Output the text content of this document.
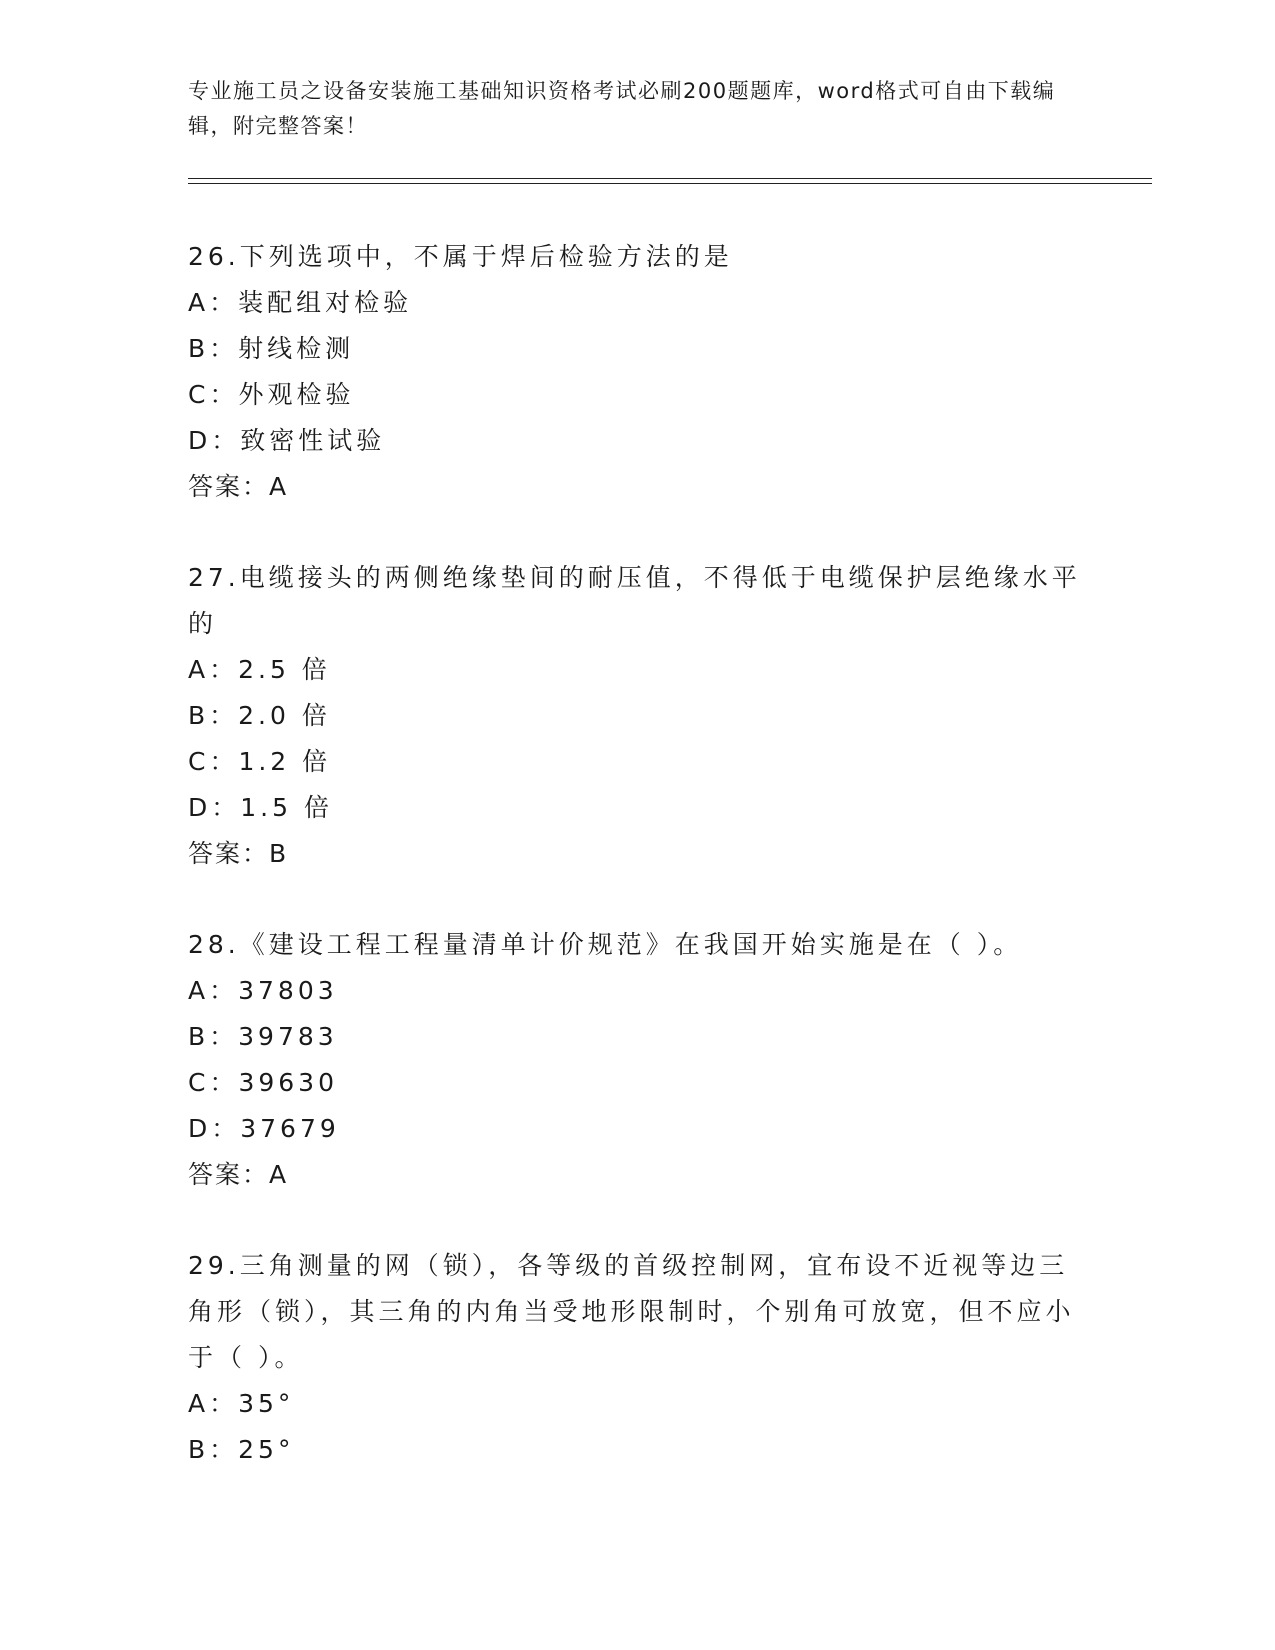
专业施工员之设备安装施工基础知识资格考试必刷200题题库，word格式可自由下载编辑，附完整答案！
26.下列选项中，不属于焊后检验方法的是
A：装配组对检验
B：射线检测
C：外观检验
D：致密性试验
答案：A
27.电缆接头的两侧绝缘垫间的耐压值，不得低于电缆保护层绝缘水平的
A：2.5 倍
B：2.0 倍
C：1.2 倍
D：1.5 倍
答案：B
28.《建设工程工程量清单计价规范》在我国开始实施是在（ ）。
A：37803
B：39783
C：39630
D：37679
答案：A
29.三角测量的网（锁），各等级的首级控制网，宜布设不近视等边三角形（锁），其三角的内角当受地形限制时，个别角可放宽，但不应小于（ ）。
A：35°
B：25°
